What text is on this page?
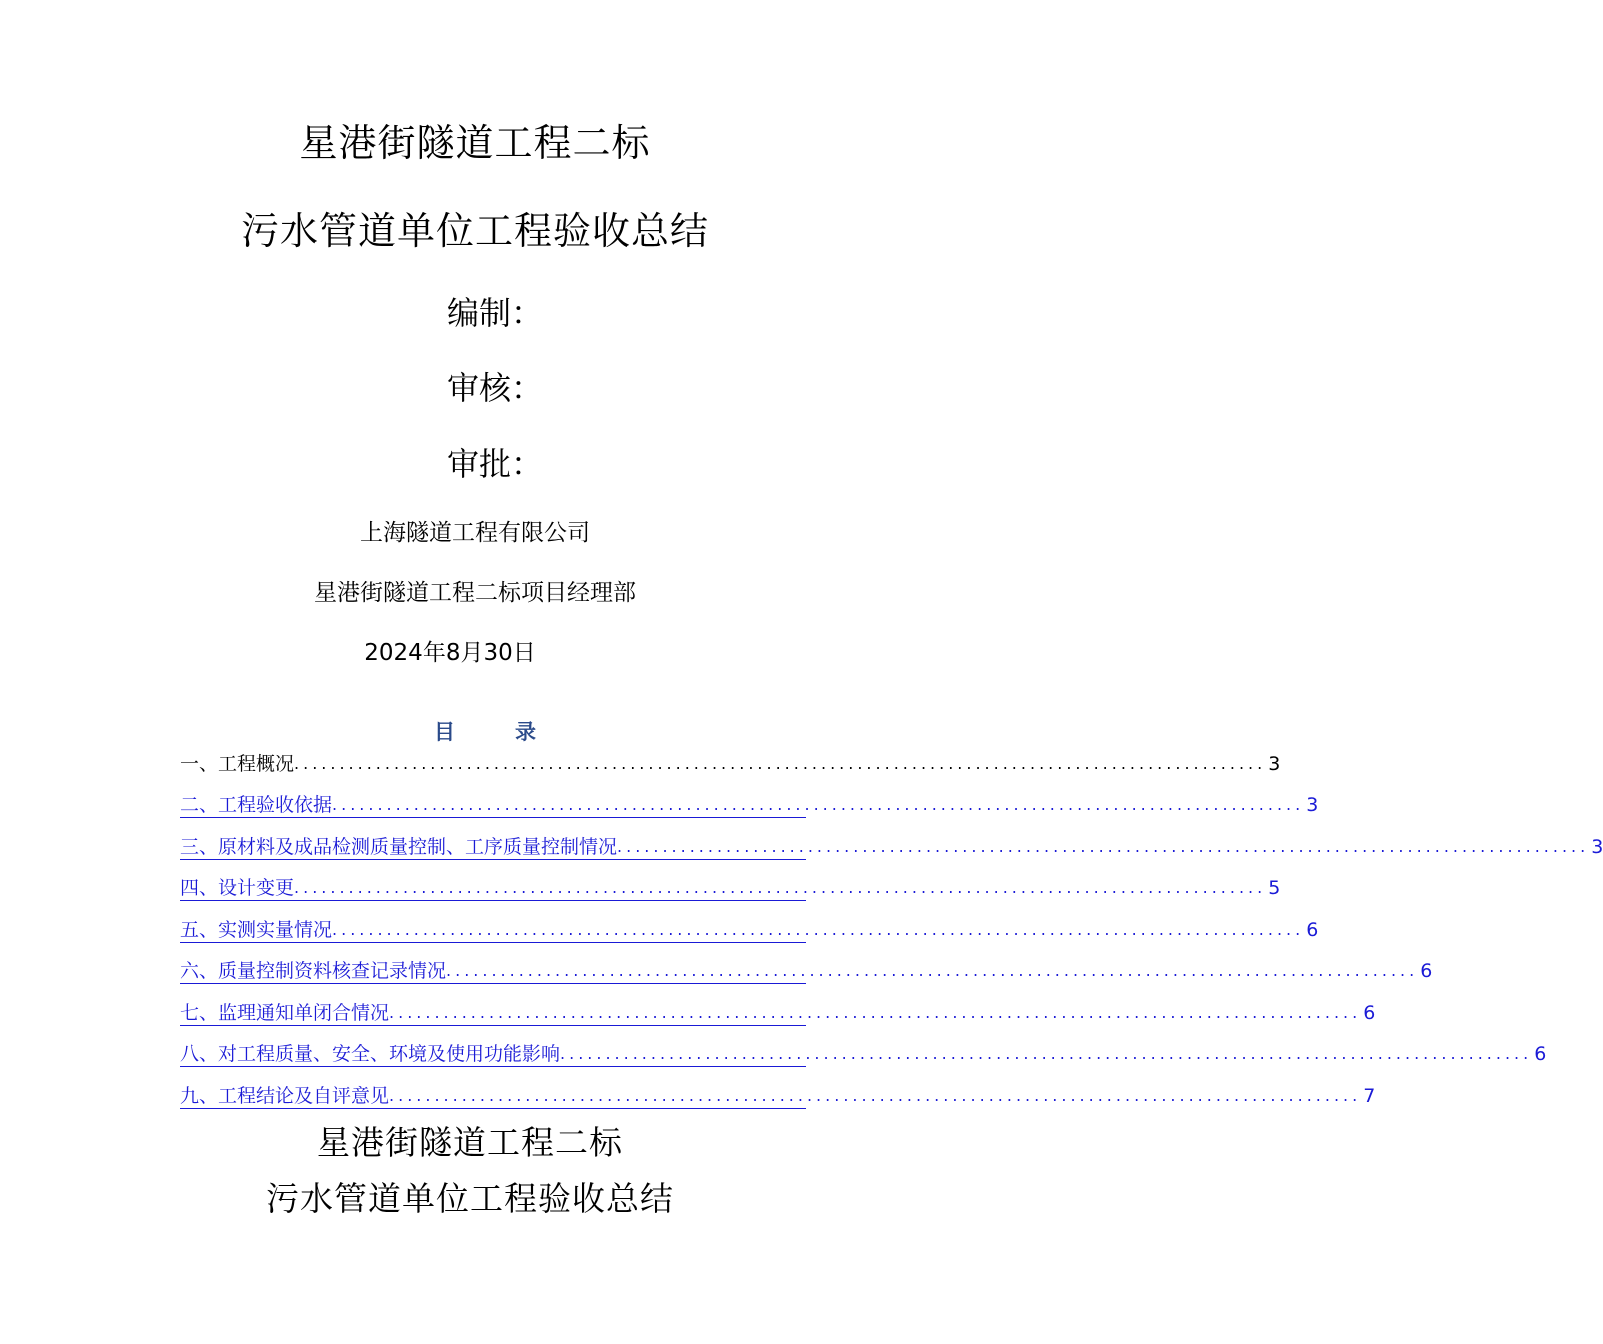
星港街隧道工程二标
污水管道单位工程验收总结
编制：
审核：
审批：
上海隧道工程有限公司
星港街隧道工程二标项目经理部
2024年8月30日
目	录
一、工程概况 ........................................................................................................... 3
二、工程验收依据 ........................................................................................................... 3
三、原材料及成品检测质量控制、工序质量控制情况 ........................................................................................................... 3
四、设计变更 ........................................................................................................... 5
五、实测实量情况 ........................................................................................................... 6
六、质量控制资料核查记录情况 ........................................................................................................... 6
七、监理通知单闭合情况 ........................................................................................................... 6
八、对工程质量、安全、环境及使用功能影响 ........................................................................................................... 6
九、工程结论及自评意见 ........................................................................................................... 7
星港街隧道工程二标
污水管道单位工程验收总结
